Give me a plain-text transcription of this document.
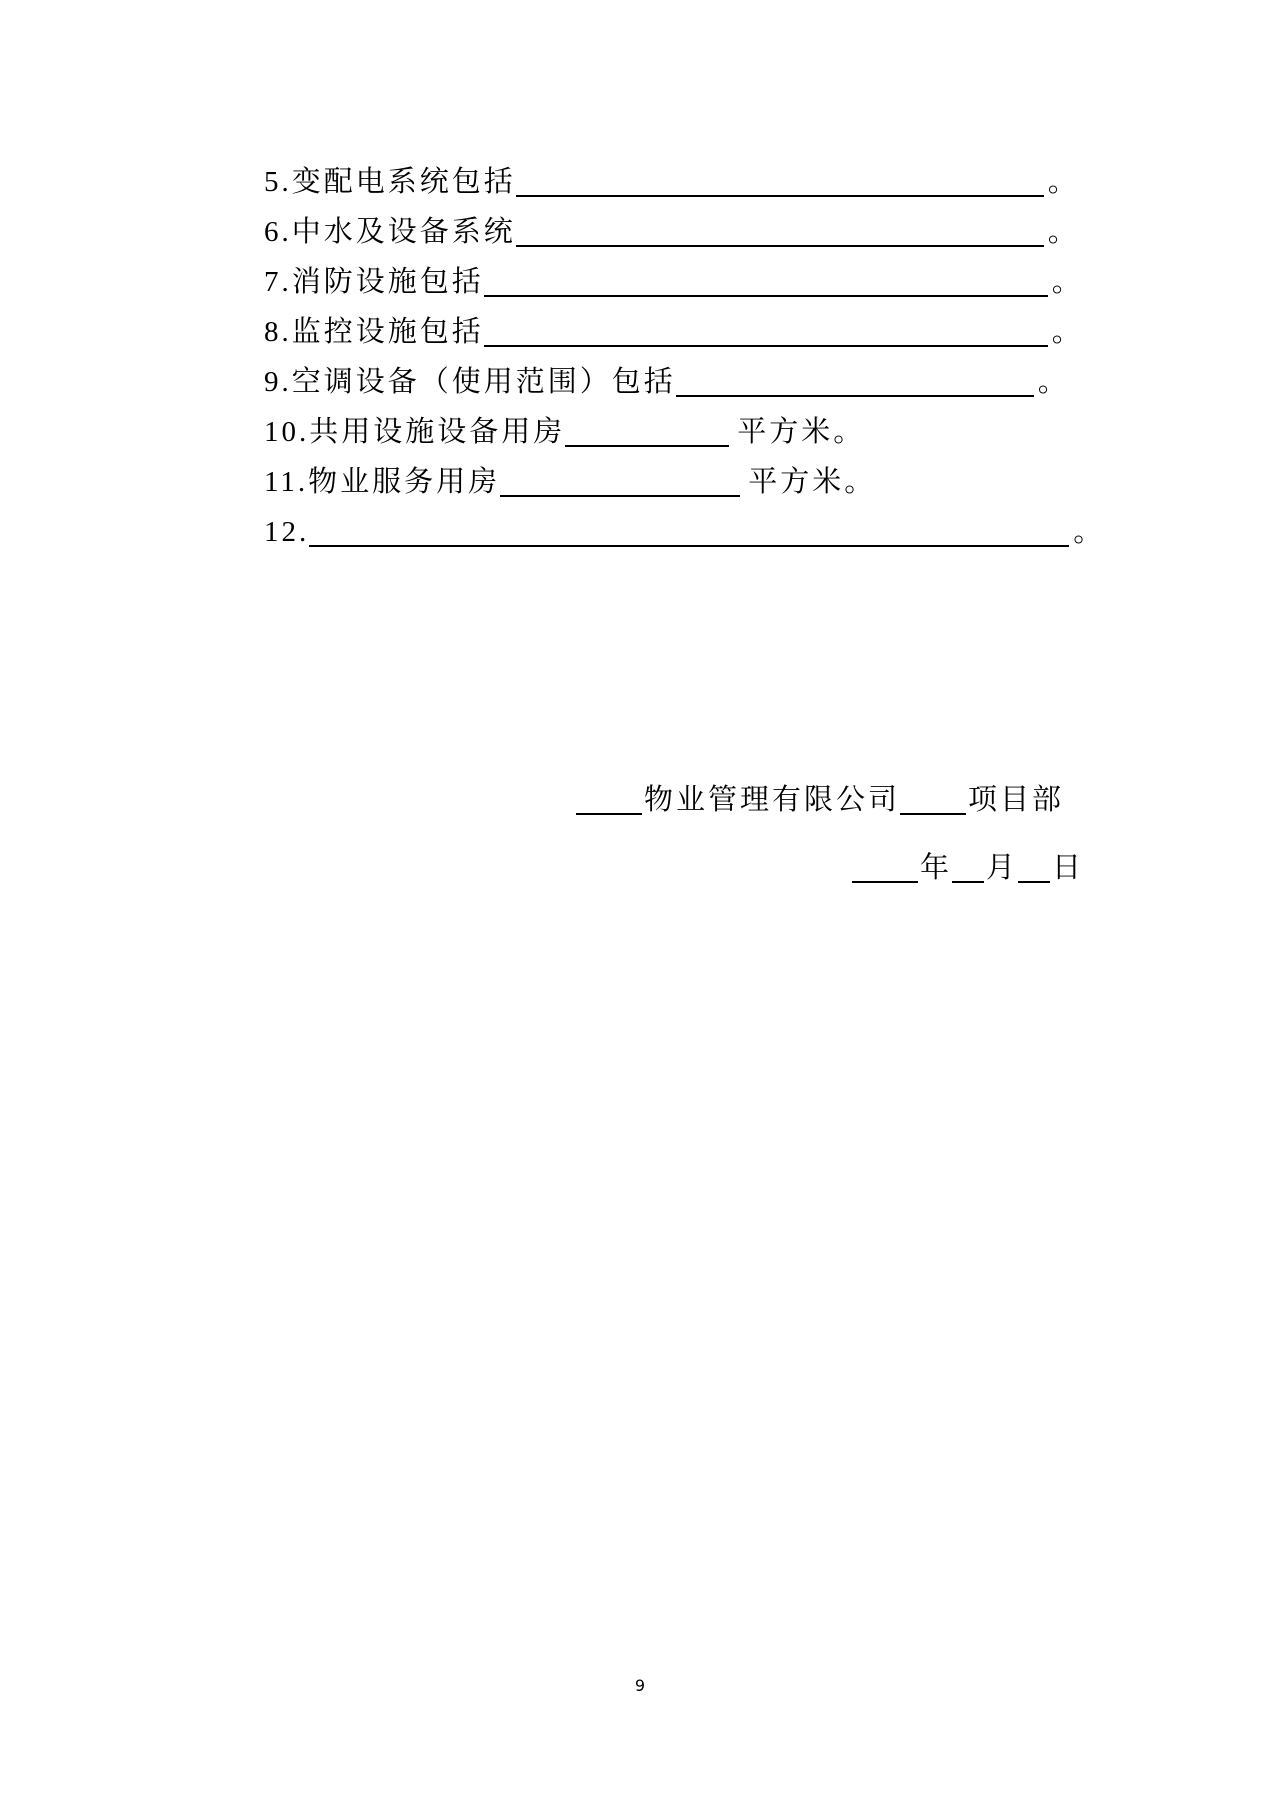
5.变配电系统包括	。
6.中水及设备系统	。
7.消防设施包括	。
8.监控设施包括	。
9.空调设备（使用范围）包括	。
10.共用设施设备用房	平方米。
11.物业服务用房	平方米。
12.	。
物业管理有限公司 项目部
年 月 日
9
